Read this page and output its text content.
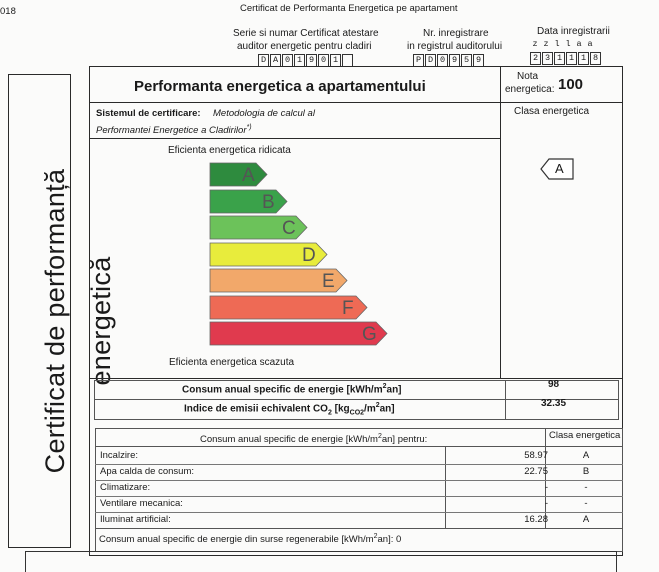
018	Certificat de Performanta Energetica pe apartament
Serie si numar Certificat atestare
auditor energetic pentru cladiri
D A 0 1 9 0 1
Nr. inregistrare
in registrul auditorului
P D 0 9 5 9
Data inregistrarii
z z l l a a
2 3 1 1 1 8
Certificat de performanță energetică
Performanta energetica a apartamentului
Nota
energetica: 100
Sistemul de certificare: Metodologia de calcul al
Performantei Energetice a Cladirilor*)
Clasa energetica
A
Eficienta energetica ridicata
A
B
C
D
E
F
G
Eficienta energetica scazuta
Consum anual specific de energie $[kWh/m^2an]$	98
Indice de emisii echivalent $CO_2$ $[kg_{CO2}/m^2an]$	32.35
Consum anual specific de energie $[kWh/m^2an]$ pentru:	Clasa energetica
Incalzire:	58.97	A
Apa calda de consum:	22.75	B
Climatizare:	-	-
Ventilare mecanica:	-	-
Iluminat artificial:	16.28	A
Consum anual specific de energie din surse regenerabile $[kWh/m^2an]$: 0
